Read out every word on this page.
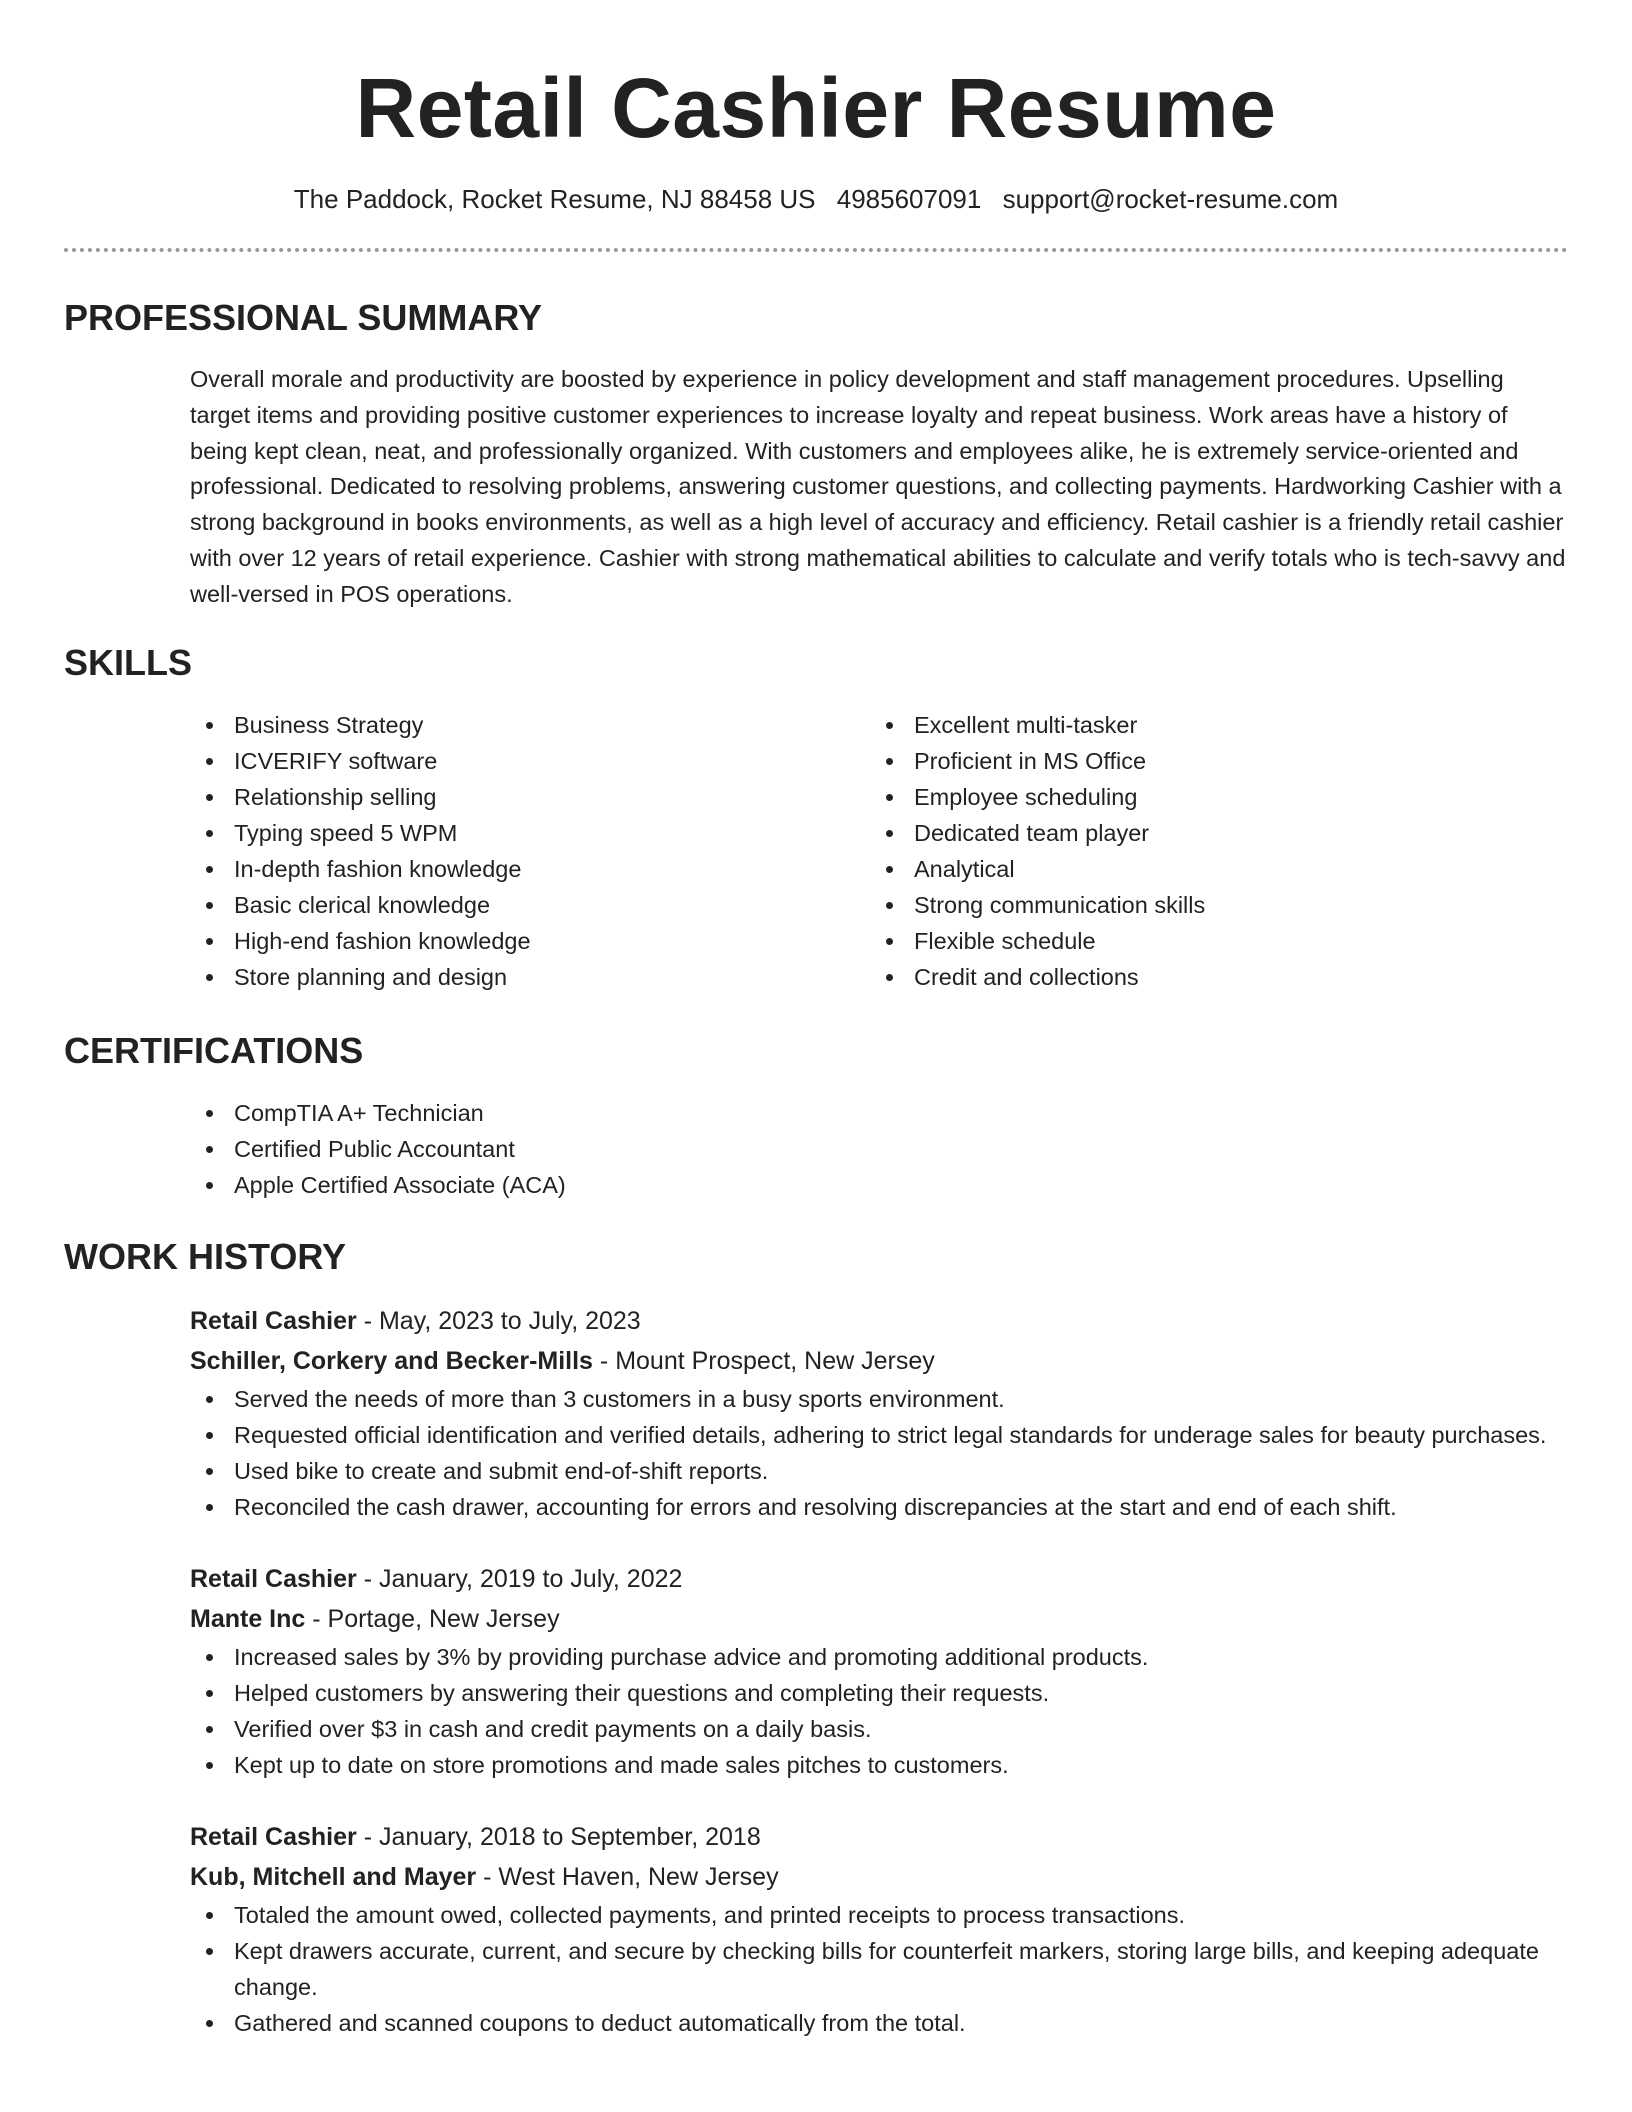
Retail Cashier Resume
The Paddock, Rocket Resume, NJ 88458 US 4985607091 support@rocket-resume.com
PROFESSIONAL SUMMARY
Overall morale and productivity are boosted by experience in policy development and staff management procedures. Upselling target items and providing positive customer experiences to increase loyalty and repeat business. Work areas have a history of being kept clean, neat, and professionally organized. With customers and employees alike, he is extremely service-oriented and professional. Dedicated to resolving problems, answering customer questions, and collecting payments. Hardworking Cashier with a strong background in books environments, as well as a high level of accuracy and efficiency. Retail cashier is a friendly retail cashier with over 12 years of retail experience. Cashier with strong mathematical abilities to calculate and verify totals who is tech-savvy and well-versed in POS operations.
SKILLS
Business Strategy
ICVERIFY software
Relationship selling
Typing speed 5 WPM
In-depth fashion knowledge
Basic clerical knowledge
High-end fashion knowledge
Store planning and design
Excellent multi-tasker
Proficient in MS Office
Employee scheduling
Dedicated team player
Analytical
Strong communication skills
Flexible schedule
Credit and collections
CERTIFICATIONS
CompTIA A+ Technician
Certified Public Accountant
Apple Certified Associate (ACA)
WORK HISTORY
Retail Cashier - May, 2023 to July, 2023
Schiller, Corkery and Becker-Mills - Mount Prospect, New Jersey
Served the needs of more than 3 customers in a busy sports environment.
Requested official identification and verified details, adhering to strict legal standards for underage sales for beauty purchases.
Used bike to create and submit end-of-shift reports.
Reconciled the cash drawer, accounting for errors and resolving discrepancies at the start and end of each shift.
Retail Cashier - January, 2019 to July, 2022
Mante Inc - Portage, New Jersey
Increased sales by 3% by providing purchase advice and promoting additional products.
Helped customers by answering their questions and completing their requests.
Verified over $3 in cash and credit payments on a daily basis.
Kept up to date on store promotions and made sales pitches to customers.
Retail Cashier - January, 2018 to September, 2018
Kub, Mitchell and Mayer - West Haven, New Jersey
Totaled the amount owed, collected payments, and printed receipts to process transactions.
Kept drawers accurate, current, and secure by checking bills for counterfeit markers, storing large bills, and keeping adequate change.
Gathered and scanned coupons to deduct automatically from the total.
